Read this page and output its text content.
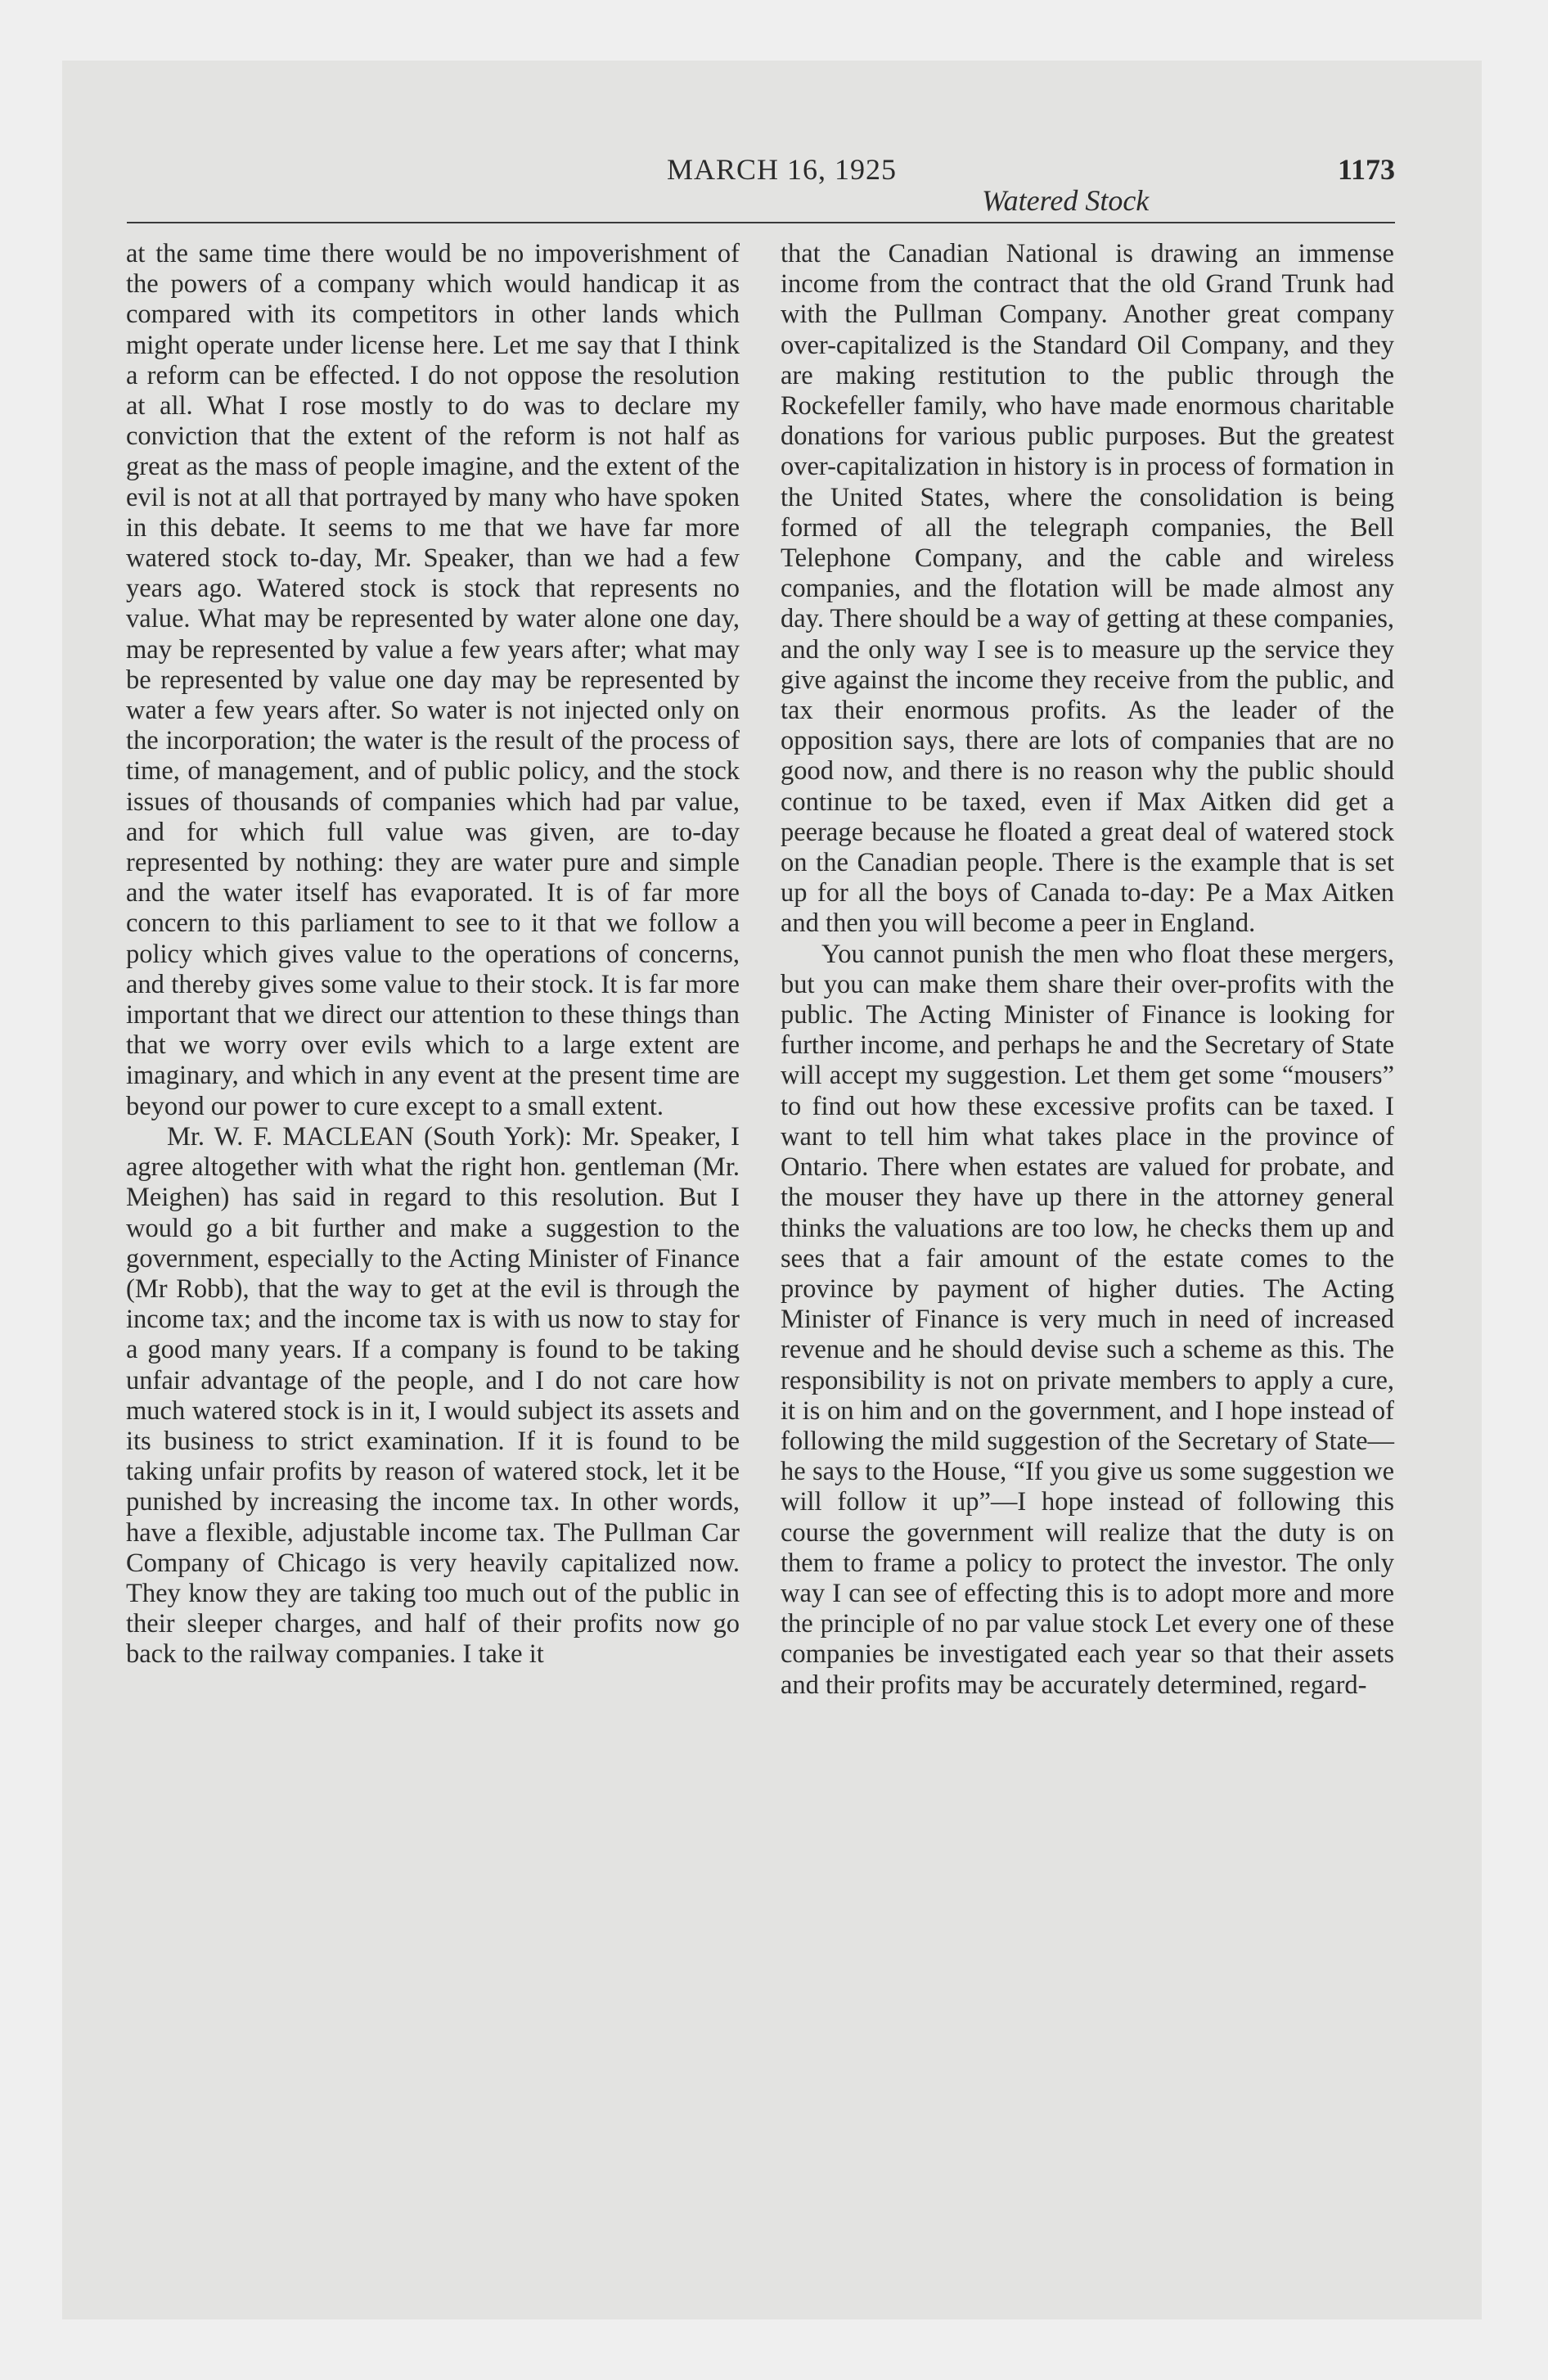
MARCH 16, 1925	1173
Watered Stock

at the same time there would be no impoverishment of the powers of a company which would handicap it as compared with its competitors in other lands which might operate under license here. Let me say that I think a reform can be effected. I do not oppose the resolution at all. What I rose mostly to do was to declare my conviction that the extent of the reform is not half as great as the mass of people imagine, and the extent of the evil is not at all that portrayed by many who have spoken in this debate. It seems to me that we have far more watered stock to-day, Mr. Speaker, than we had a few years ago. Watered stock is stock that represents no value. What may be represented by water alone one day, may be represented by value a few years after; what may be represented by value one day may be represented by water a few years after. So water is not injected only on the incorporation; the water is the result of the process of time, of management, and of public policy, and the stock issues of thousands of companies which had par value, and for which full value was given, are to-day represented by nothing: they are water pure and simple and the water itself has evaporated. It is of far more concern to this parliament to see to it that we follow a policy which gives value to the operations of concerns, and thereby gives some value to their stock. It is far more important that we direct our attention to these things than that we worry over evils which to a large extent are imaginary, and which in any event at the present time are beyond our power to cure except to a small extent.

Mr. W. F. MACLEAN (South York): Mr. Speaker, I agree altogether with what the right hon. gentleman (Mr. Meighen) has said in regard to this resolution. But I would go a bit further and make a suggestion to the government, especially to the Acting Minister of Finance (Mr Robb), that the way to get at the evil is through the income tax; and the income tax is with us now to stay for a good many years. If a company is found to be taking unfair advantage of the people, and I do not care how much watered stock is in it, I would subject its assets and its business to strict examination. If it is found to be taking unfair profits by reason of watered stock, let it be punished by increasing the income tax. In other words, have a flexible, adjustable income tax. The Pullman Car Company of Chicago is very heavily capitalized now. They know they are taking too much out of the public in their sleeper charges, and half of their profits now go back to the railway companies. I take it

that the Canadian National is drawing an immense income from the contract that the old Grand Trunk had with the Pullman Company. Another great company over-capitalized is the Standard Oil Company, and they are making restitution to the public through the Rockefeller family, who have made enormous charitable donations for various public purposes. But the greatest over-capitalization in history is in process of formation in the United States, where the consolidation is being formed of all the telegraph companies, the Bell Telephone Company, and the cable and wireless companies, and the flotation will be made almost any day. There should be a way of getting at these companies, and the only way I see is to measure up the service they give against the income they receive from the public, and tax their enormous profits. As the leader of the opposition says, there are lots of companies that are no good now, and there is no reason why the public should continue to be taxed, even if Max Aitken did get a peerage because he floated a great deal of watered stock on the Canadian people. There is the example that is set up for all the boys of Canada to-day: Pe a Max Aitken and then you will become a peer in England.

You cannot punish the men who float these mergers, but you can make them share their over-profits with the public. The Acting Minister of Finance is looking for further income, and perhaps he and the Secretary of State will accept my suggestion. Let them get some “mousers” to find out how these excessive profits can be taxed. I want to tell him what takes place in the province of Ontario. There when estates are valued for probate, and the mouser they have up there in the attorney general thinks the valuations are too low, he checks them up and sees that a fair amount of the estate comes to the province by payment of higher duties. The Acting Minister of Finance is very much in need of increased revenue and he should devise such a scheme as this. The responsibility is not on private members to apply a cure, it is on him and on the government, and I hope instead of following the mild suggestion of the Secretary of State—he says to the House, “If you give us some suggestion we will follow it up”—I hope instead of following this course the government will realize that the duty is on them to frame a policy to protect the investor. The only way I can see of effecting this is to adopt more and more the principle of no par value stock Let every one of these companies be investigated each year so that their assets and their profits may be accurately determined, regard-
